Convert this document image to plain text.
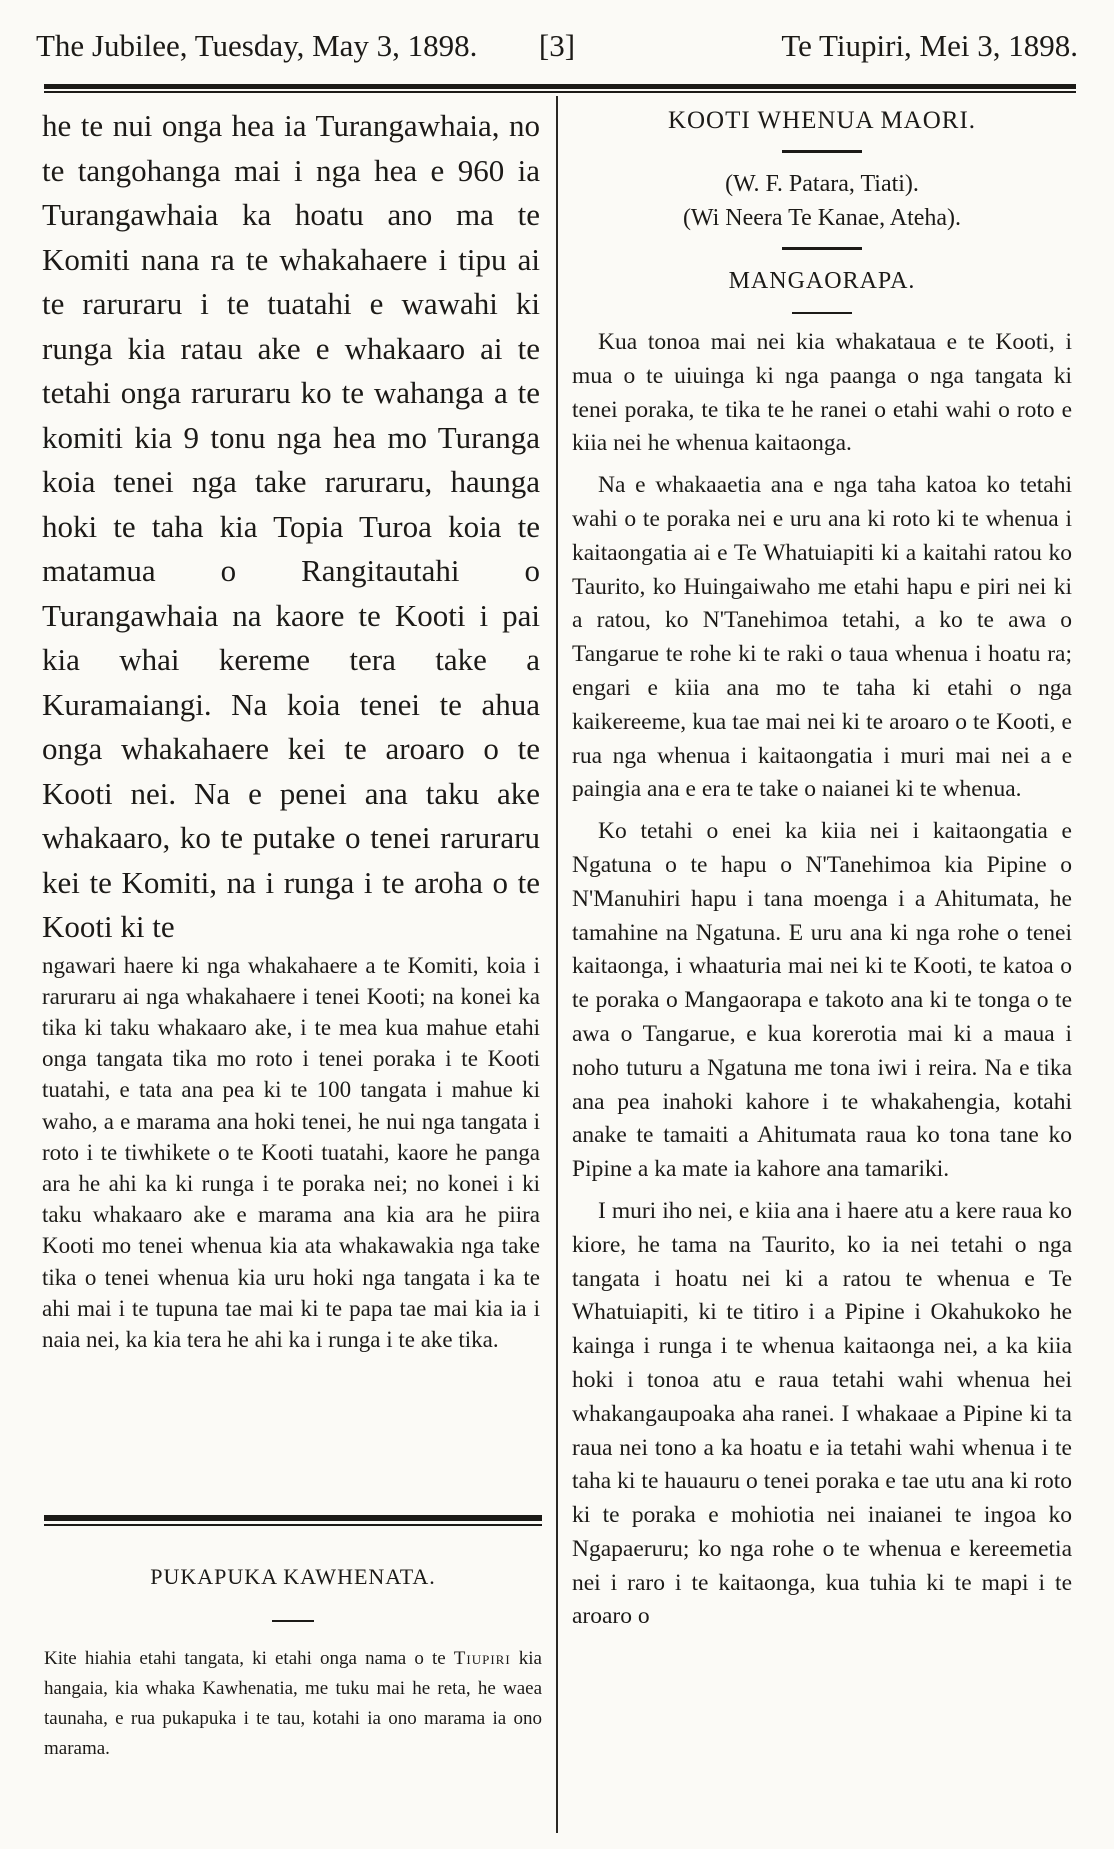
The Jubilee, Tuesday, May 3, 1898.	[3]	Te Tiupiri, Mei 3, 1898.

he te nui onga hea ia Turangawhaia, no te tangohanga mai i nga hea e 960 ia Turangawhaia ka hoatu ano ma te Komiti nana ra te whakahaere i tipu ai te raruraru i te tuatahi e wawahi ki runga kia ratau ake e whakaaro ai te tetahi onga raruraru ko te wahanga a te komiti kia 9 tonu nga hea mo Turanga koia tenei nga take raruraru, haunga hoki te taha kia Topia Turoa koia te matamua o Rangitautahi o Turangawhaia na kaore te Kooti i pai kia whai kereme tera take a Kuramaiangi. Na koia tenei te ahua onga whakahaere kei te aroaro o te Kooti nei. Na e penei ana taku ake whakaaro, ko te putake o tenei raruraru kei te Komiti, na i runga i te aroha o te Kooti ki te

ngawari haere ki nga whakahaere a te Komiti, koia i raruraru ai nga whakahaere i tenei Kooti; na konei ka tika ki taku whakaaro ake, i te mea kua mahue etahi onga tangata tika mo roto i tenei poraka i te Kooti tuatahi, e tata ana pea ki te 100 tangata i mahue ki waho, a e marama ana hoki tenei, he nui nga tangata i roto i te tiwhikete o te Kooti tuatahi, kaore he panga ara he ahi ka ki runga i te poraka nei; no konei i ki taku whakaaro ake e marama ana kia ara he piira Kooti mo tenei whenua kia ata whakawakia nga take tika o tenei whenua kia uru hoki nga tangata i ka te ahi mai i te tupuna tae mai ki te papa tae mai kia ia i naia nei, ka kia tera he ahi ka i runga i te ake tika.

PUKAPUKA KAWHENATA.

Kite hiahia etahi tangata, ki etahi onga nama o te Tiupiri kia hangaia, kia whaka Kawhenatia, me tuku mai he reta, he waea taunaha, e rua pukapuka i te tau, kotahi ia ono marama ia ono marama.

KOOTI WHENUA MAORI.

(W. F. Patara, Tiati).

(Wi Neera Te Kanae, Ateha).

MANGAORAPA.

Kua tonoa mai nei kia whakataua e te Kooti, i mua o te uiuinga ki nga paanga o nga tangata ki tenei poraka, te tika te he ranei o etahi wahi o roto e kiia nei he whenua kaitaonga.

Na e whakaaetia ana e nga taha katoa ko tetahi wahi o te poraka nei e uru ana ki roto ki te whenua i kaitaongatia ai e Te Whatuiapiti ki a kaitahi ratou ko Taurito, ko Huingaiwaho me etahi hapu e piri nei ki a ratou, ko N'Tanehimoa tetahi, a ko te awa o Tangarue te rohe ki te raki o taua whenua i hoatu ra; engari e kiia ana mo te taha ki etahi o nga kaikereeme, kua tae mai nei ki te aroaro o te Kooti, e rua nga whenua i kaitaongatia i muri mai nei a e paingia ana e era te take o naianei ki te whenua.

Ko tetahi o enei ka kiia nei i kaitaongatia e Ngatuna o te hapu o N'Tanehimoa kia Pipine o N'Manuhiri hapu i tana moenga i a Ahitumata, he tamahine na Ngatuna. E uru ana ki nga rohe o tenei kaitaonga, i whaaturia mai nei ki te Kooti, te katoa o te poraka o Mangaorapa e takoto ana ki te tonga o te awa o Tangarue, e kua korerotia mai ki a maua i noho tuturu a Ngatuna me tona iwi i reira. Na e tika ana pea inahoki kahore i te whakahengia, kotahi anake te tamaiti a Ahitumata raua ko tona tane ko Pipine a ka mate ia kahore ana tamariki.

I muri iho nei, e kiia ana i haere atu a kere raua ko kiore, he tama na Taurito, ko ia nei tetahi o nga tangata i hoatu nei ki a ratou te whenua e Te Whatuiapiti, ki te titiro i a Pipine i Okahukoko he kainga i runga i te whenua kaitaonga nei, a ka kiia hoki i tonoa atu e raua tetahi wahi whenua hei whakangaupoaka aha ranei. I whakaae a Pipine ki ta raua nei tono a ka hoatu e ia tetahi wahi whenua i te taha ki te hauauru o tenei poraka e tae utu ana ki roto ki te poraka e mohiotia nei inaianei te ingoa ko Ngapaeruru; ko nga rohe o te whenua e kereemetia nei i raro i te kaitaonga, kua tuhia ki te mapi i te aroaro o
